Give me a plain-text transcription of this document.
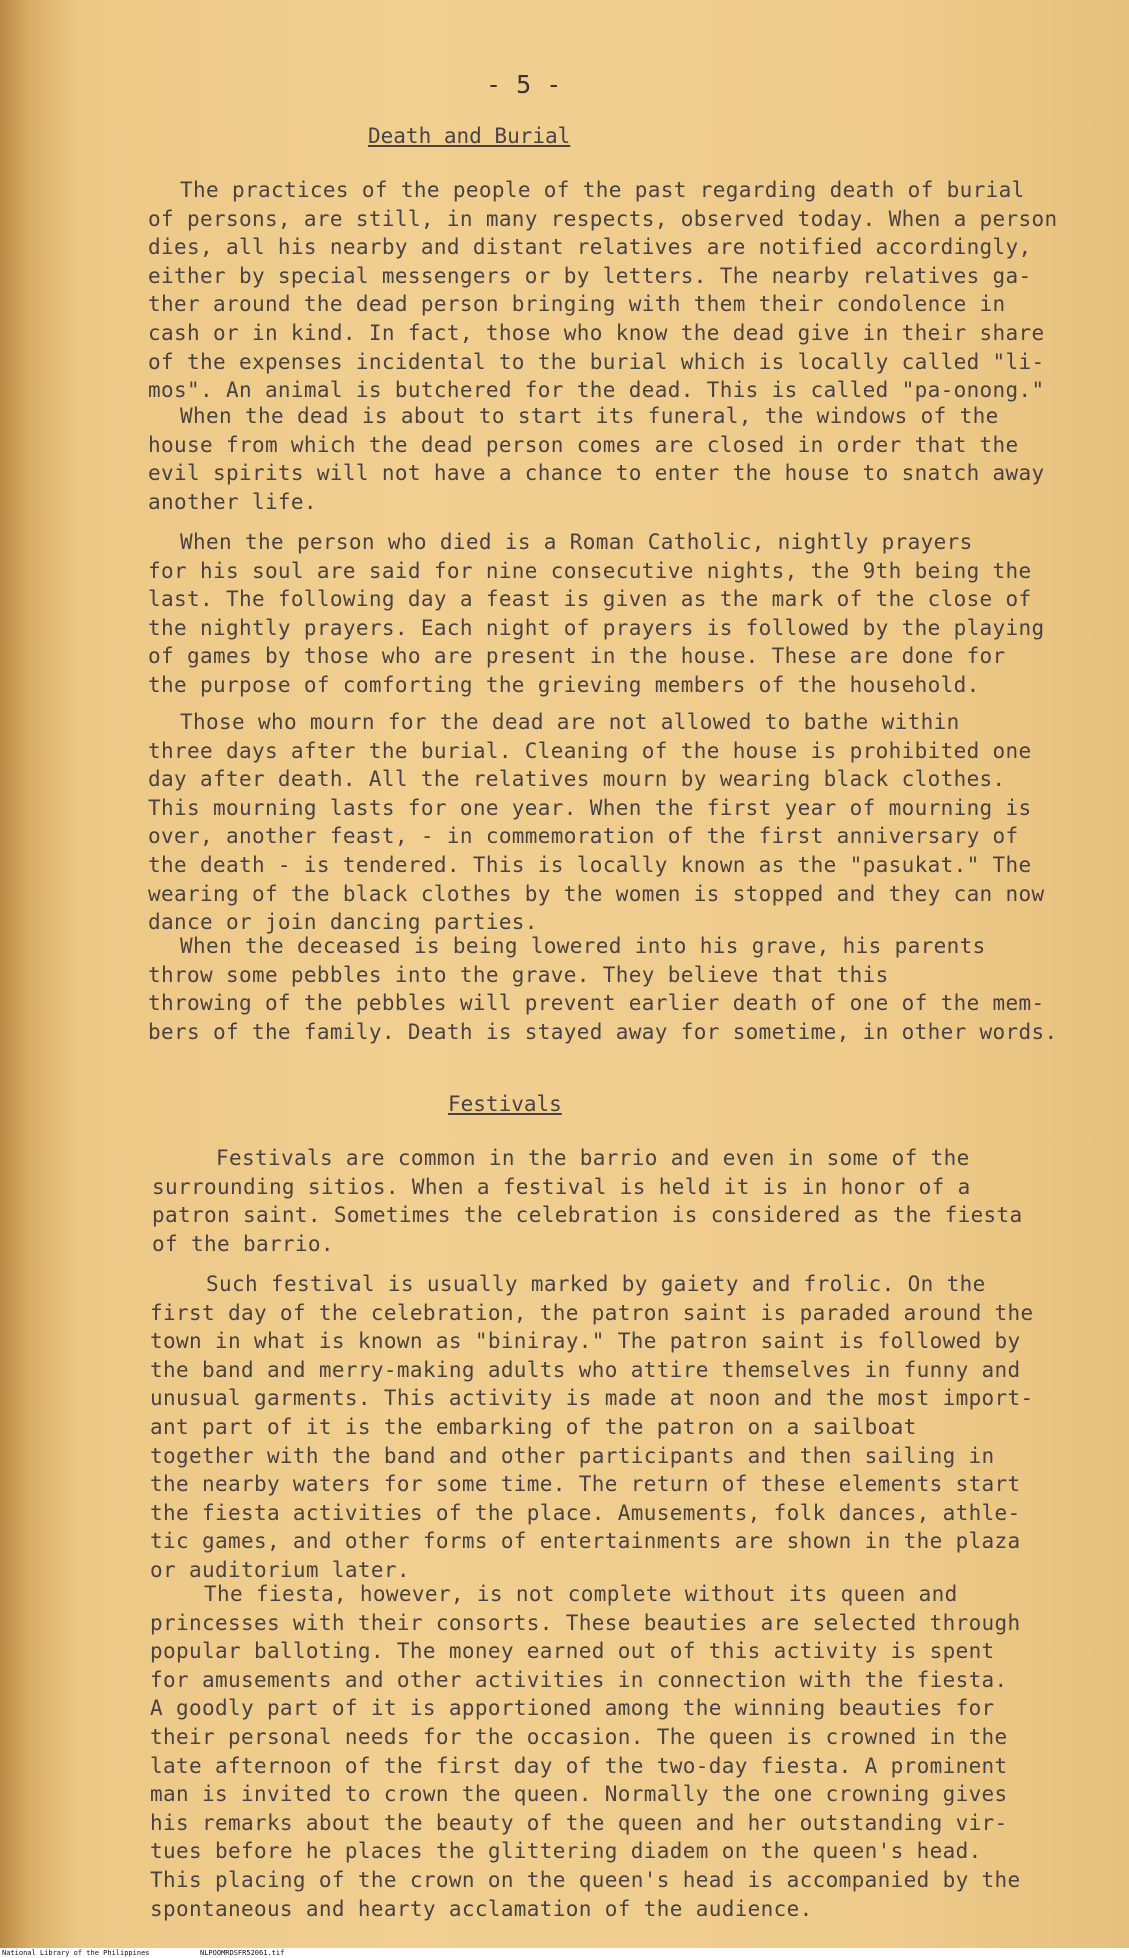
- 5 -
Death and Burial
The practices of the people of the past regarding death of burial
of persons, are still, in many respects, observed today. When a person
dies, all his nearby and distant relatives are notified accordingly,
either by special messengers or by letters. The nearby relatives ga-
ther around the dead person bringing with them their condolence in
cash or in kind. In fact, those who know the dead give in their share
of the expenses incidental to the burial which is locally called "li-
mos". An animal is butchered for the dead. This is called "pa-onong."
When the dead is about to start its funeral, the windows of the
house from which the dead person comes are closed in order that the
evil spirits will not have a chance to enter the house to snatch away
another life.
When the person who died is a Roman Catholic, nightly prayers
for his soul are said for nine consecutive nights, the 9th being the
last. The following day a feast is given as the mark of the close of
the nightly prayers. Each night of prayers is followed by the playing
of games by those who are present in the house. These are done for
the purpose of comforting the grieving members of the household.
Those who mourn for the dead are not allowed to bathe within
three days after the burial. Cleaning of the house is prohibited one
day after death. All the relatives mourn by wearing black clothes.
This mourning lasts for one year. When the first year of mourning is
over, another feast, - in commemoration of the first anniversary of
the death - is tendered. This is locally known as the "pasukat." The
wearing of the black clothes by the women is stopped and they can now
dance or join dancing parties.
When the deceased is being lowered into his grave, his parents
throw some pebbles into the grave. They believe that this
throwing of the pebbles will prevent earlier death of one of the mem-
bers of the family. Death is stayed away for sometime, in other words.
Festivals
Festivals are common in the barrio and even in some of the
surrounding sitios. When a festival is held it is in honor of a
patron saint. Sometimes the celebration is considered as the fiesta
of the barrio.
Such festival is usually marked by gaiety and frolic. On the
first day of the celebration, the patron saint is paraded around the
town in what is known as "biniray." The patron saint is followed by
the band and merry-making adults who attire themselves in funny and
unusual garments. This activity is made at noon and the most import-
ant part of it is the embarking of the patron on a sailboat
together with the band and other participants and then sailing in
the nearby waters for some time. The return of these elements start
the fiesta activities of the place. Amusements, folk dances, athle-
tic games, and other forms of entertainments are shown in the plaza
or auditorium later.
The fiesta, however, is not complete without its queen and
princesses with their consorts. These beauties are selected through
popular balloting. The money earned out of this activity is spent
for amusements and other activities in connection with the fiesta.
A goodly part of it is apportioned among the winning beauties for
their personal needs for the occasion. The queen is crowned in the
late afternoon of the first day of the two-day fiesta. A prominent
man is invited to crown the queen. Normally the one crowning gives
his remarks about the beauty of the queen and her outstanding vir-
tues before he places the glittering diadem on the queen's head.
This placing of the crown on the queen's head is accompanied by the
spontaneous and hearty acclamation of the audience.
National Library of the Philippines	NLPOOMRDSFR52061.tif
